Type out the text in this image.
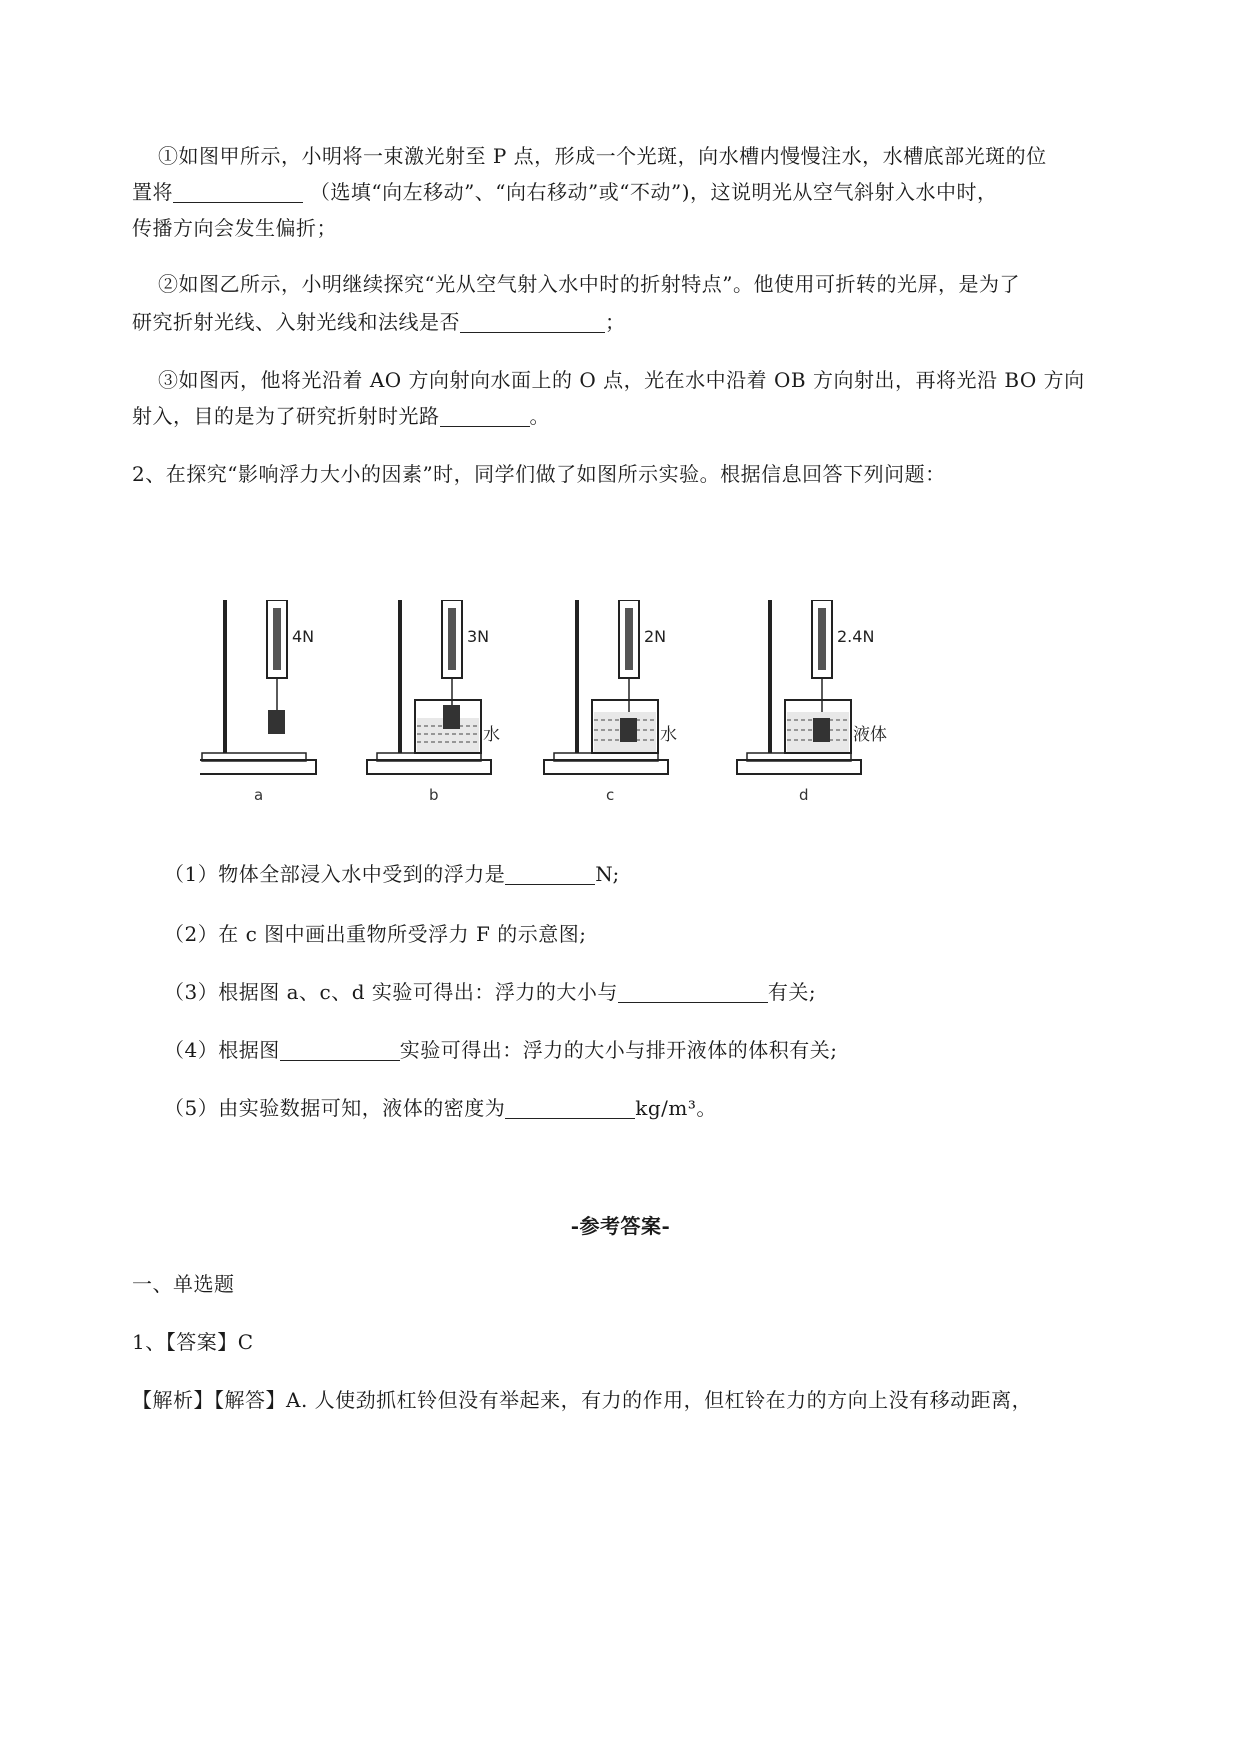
①如图甲所示，小明将一束激光射至 P 点，形成一个光斑，向水槽内慢慢注水，水槽底部光斑的位
置将	（选填“向左移动”、“向右移动”或“不动”)，这说明光从空气斜射入水中时，
传播方向会发生偏折；
②如图乙所示，小明继续探究“光从空气射入水中时的折射特点”。他使用可折转的光屏，是为了
研究折射光线、入射光线和法线是否	；
③如图丙，他将光沿着 AO 方向射向水面上的 O 点，光在水中沿着 OB 方向射出，再将光沿 BO 方向
射入，目的是为了研究折射时光路	。
2、在探究“影响浮力大小的因素”时，同学们做了如图所示实验。根据信息回答下列问题：
4N
a
3N
水
b
2N
水
c
2.4N
液体
d
（1）物体全部浸入水中受到的浮力是	N;
（2）在 c 图中画出重物所受浮力 F 的示意图;
（3）根据图 a、c、d 实验可得出：浮力的大小与	有关;
（4）根据图	实验可得出：浮力的大小与排开液体的体积有关;
（5）由实验数据可知，液体的密度为	kg/m³。
-参考答案-
一、单选题
1、【答案】C
【解析】【解答】A. 人使劲抓杠铃但没有举起来，有力的作用，但杠铃在力的方向上没有移动距离，
